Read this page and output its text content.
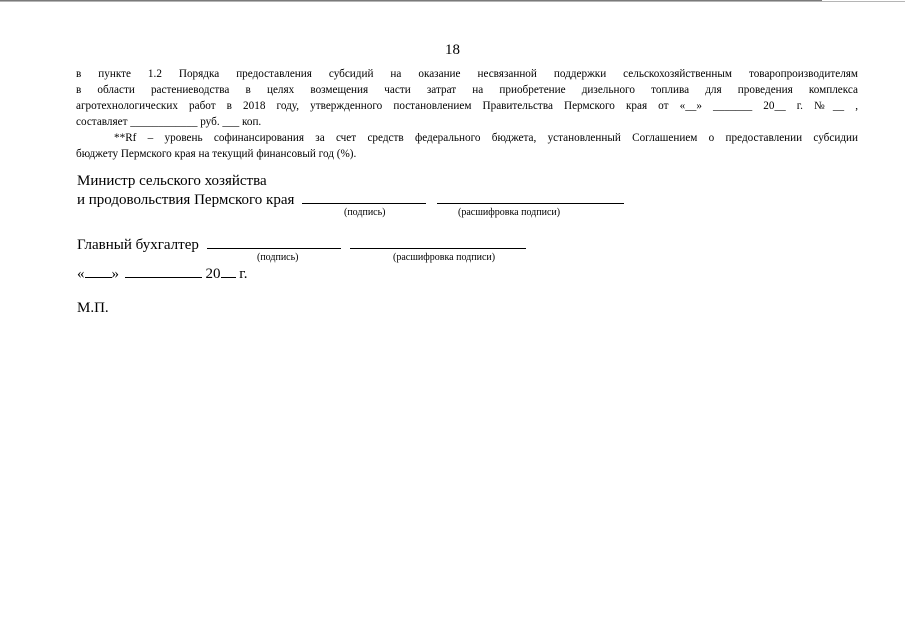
18
в пункте 1.2 Порядка предоставления субсидий на оказание несвязанной поддержки сельскохозяйственным товаропроизводителям
в области растениеводства в целях возмещения части затрат на приобретение дизельного топлива для проведения комплекса
агротехнологических работ в 2018 году, утвержденного постановлением Правительства Пермского края от «__» _______ 20__ г. №__ ,
составляет ____________ руб. ___ коп.
**Rf – уровень софинансирования за счет средств федерального бюджета, установленный Соглашением о предоставлении субсидии
бюджету Пермского края на текущий финансовый год (%).
Министр сельского хозяйства
и продовольствия Пермского края
(подпись)	(расшифровка подписи)
Главный бухгалтер
(подпись)	(расшифровка подписи)
« »	20 г.
М.П.
